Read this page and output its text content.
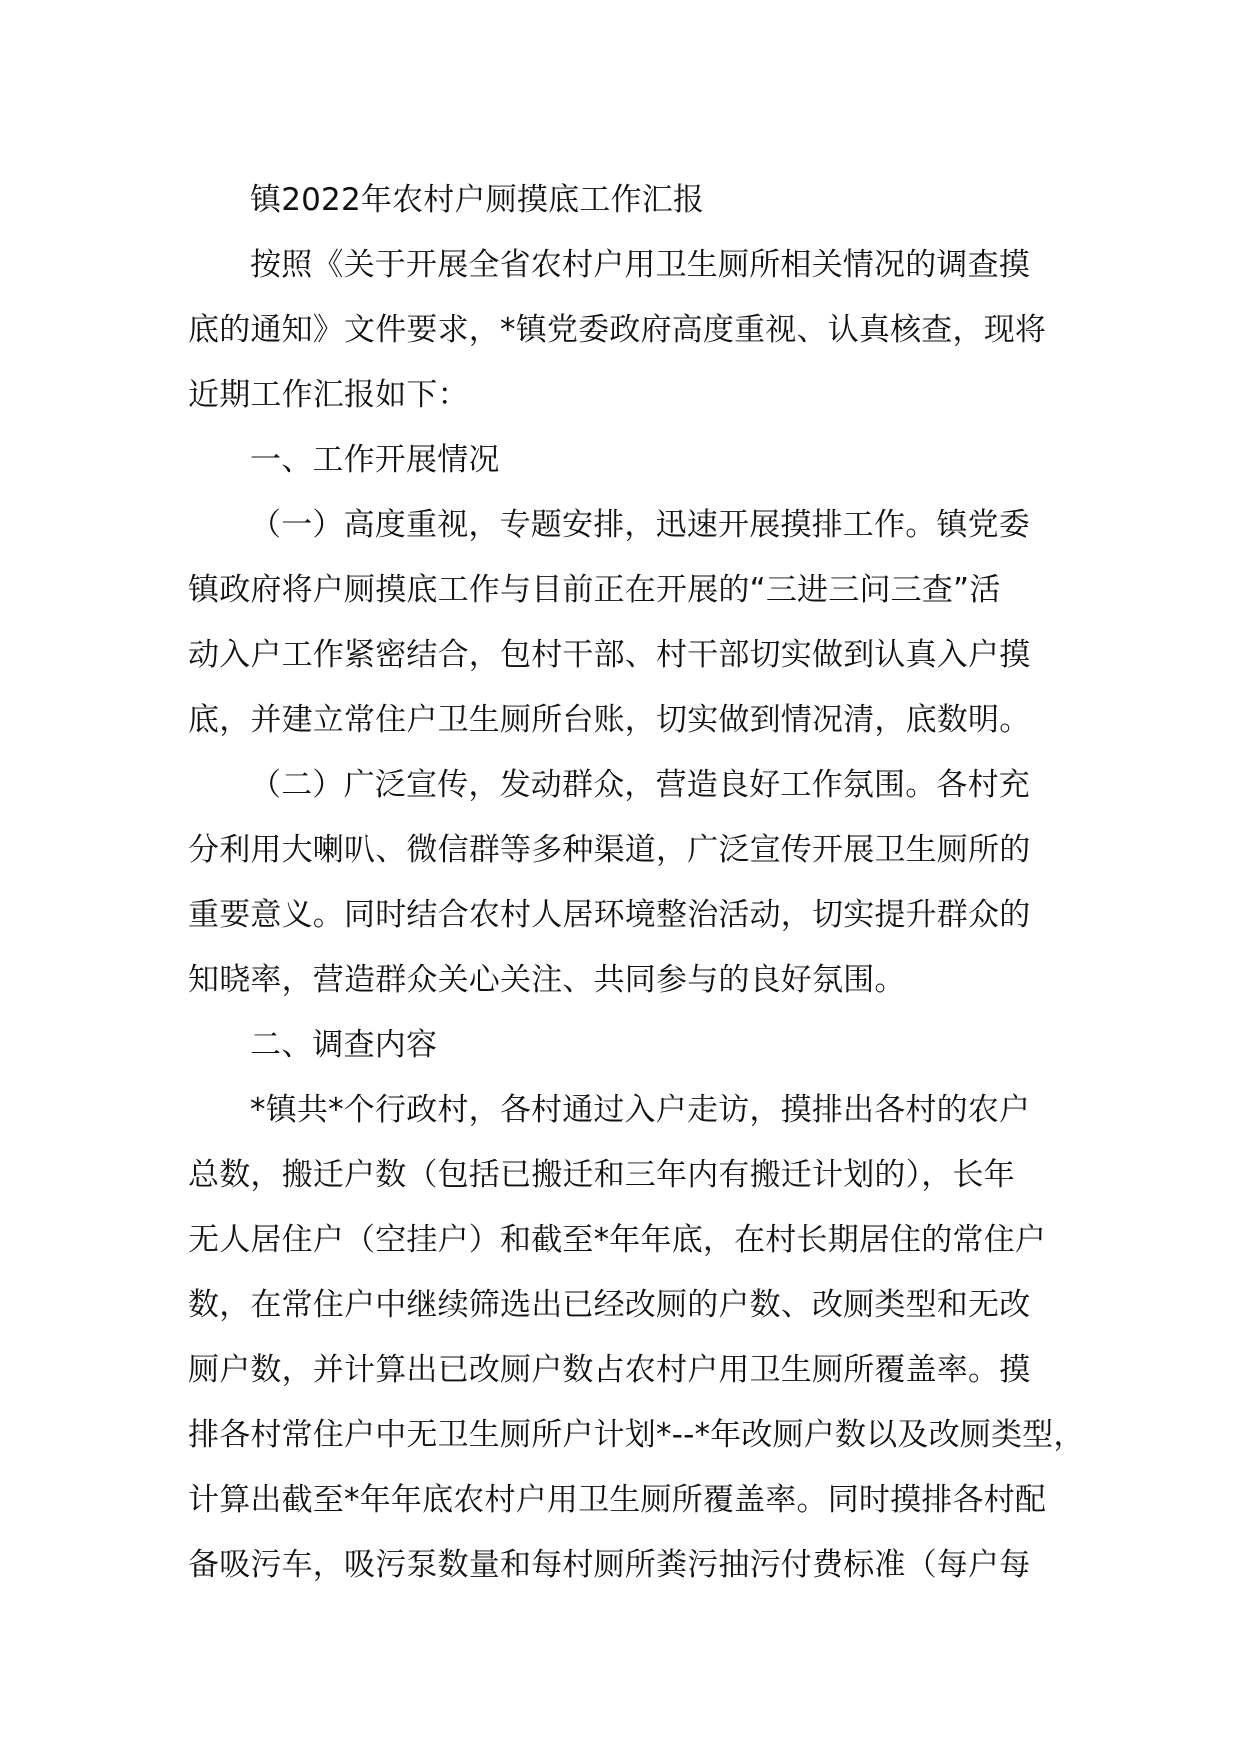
镇2022年农村户厕摸底工作汇报
按照《关于开展全省农村户用卫生厕所相关情况的调查摸
底的通知》文件要求，*镇党委政府高度重视、认真核查，现将
近期工作汇报如下：
一、工作开展情况
（一）高度重视，专题安排，迅速开展摸排工作。镇党委
镇政府将户厕摸底工作与目前正在开展的“三进三问三查”活
动入户工作紧密结合，包村干部、村干部切实做到认真入户摸
底，并建立常住户卫生厕所台账，切实做到情况清，底数明。
（二）广泛宣传，发动群众，营造良好工作氛围。各村充
分利用大喇叭、微信群等多种渠道，广泛宣传开展卫生厕所的
重要意义。同时结合农村人居环境整治活动，切实提升群众的
知晓率，营造群众关心关注、共同参与的良好氛围。
二、调查内容
*镇共*个行政村，各村通过入户走访，摸排出各村的农户
总数，搬迁户数（包括已搬迁和三年内有搬迁计划的），长年
无人居住户（空挂户）和截至*年年底，在村长期居住的常住户
数，在常住户中继续筛选出已经改厕的户数、改厕类型和无改
厕户数，并计算出已改厕户数占农村户用卫生厕所覆盖率。摸
排各村常住户中无卫生厕所户计划*--*年改厕户数以及改厕类型，
计算出截至*年年底农村户用卫生厕所覆盖率。同时摸排各村配
备吸污车，吸污泵数量和每村厕所粪污抽污付费标准（每户每
